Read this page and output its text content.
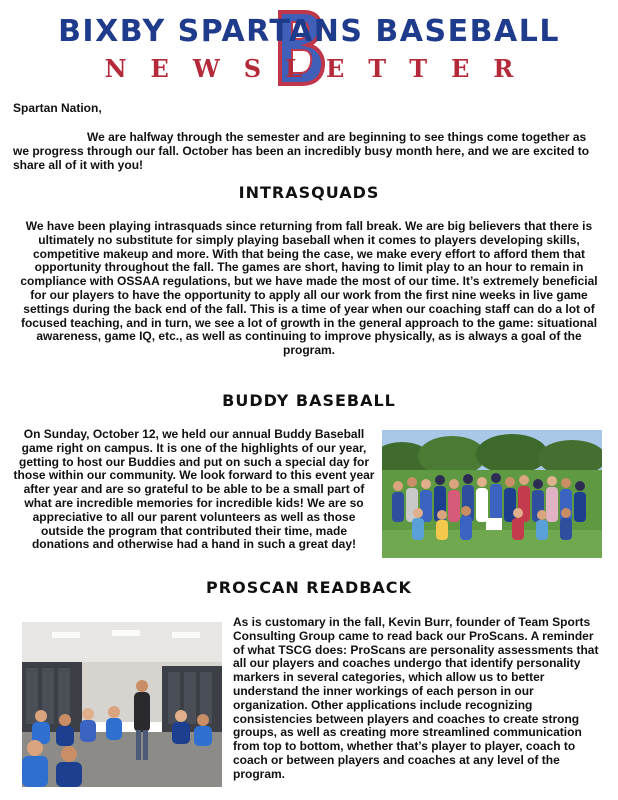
BIXBY SPARTANS BASEBALL
NEWSLETTER
Spartan Nation,

We are halfway through the semester and are beginning to see things come together as we progress through our fall. October has been an incredibly busy month here, and we are excited to share all of it with you!

INTRASQUADS

We have been playing intrasquads since returning from fall break. We are big believers that there is ultimately no substitute for simply playing baseball when it comes to players developing skills, competitive makeup and more. With that being the case, we make every effort to afford them that opportunity throughout the fall. The games are short, having to limit play to an hour to remain in compliance with OSSAA regulations, but we have made the most of our time. It’s extremely beneficial for our players to have the opportunity to apply all our work from the first nine weeks in live game settings during the back end of the fall. This is a time of year when our coaching staff can do a lot of focused teaching, and in turn, we see a lot of growth in the general approach to the game: situational awareness, game IQ, etc., as well as continuing to improve physically, as is always a goal of the program.

BUDDY BASEBALL

On Sunday, October 12, we held our annual Buddy Baseball game right on campus. It is one of the highlights of our year, getting to host our Buddies and put on such a special day for those within our community. We look forward to this event year after year and are so grateful to be able to be a small part of what are incredible memories for incredible kids! We are so appreciative to all our parent volunteers as well as those outside the program that contributed their time, made donations and otherwise had a hand in such a great day!

PROSCAN READBACK

As is customary in the fall, Kevin Burr, founder of Team Sports Consulting Group came to read back our ProScans. A reminder of what TSCG does: ProScans are personality assessments that all our players and coaches undergo that identify personality markers in several categories, which allow us to better understand the inner workings of each person in our organization. Other applications include recognizing consistencies between players and coaches to create strong groups, as well as creating more streamlined communication from top to bottom, whether that’s player to player, coach to coach or between players and coaches at any level of the program.
